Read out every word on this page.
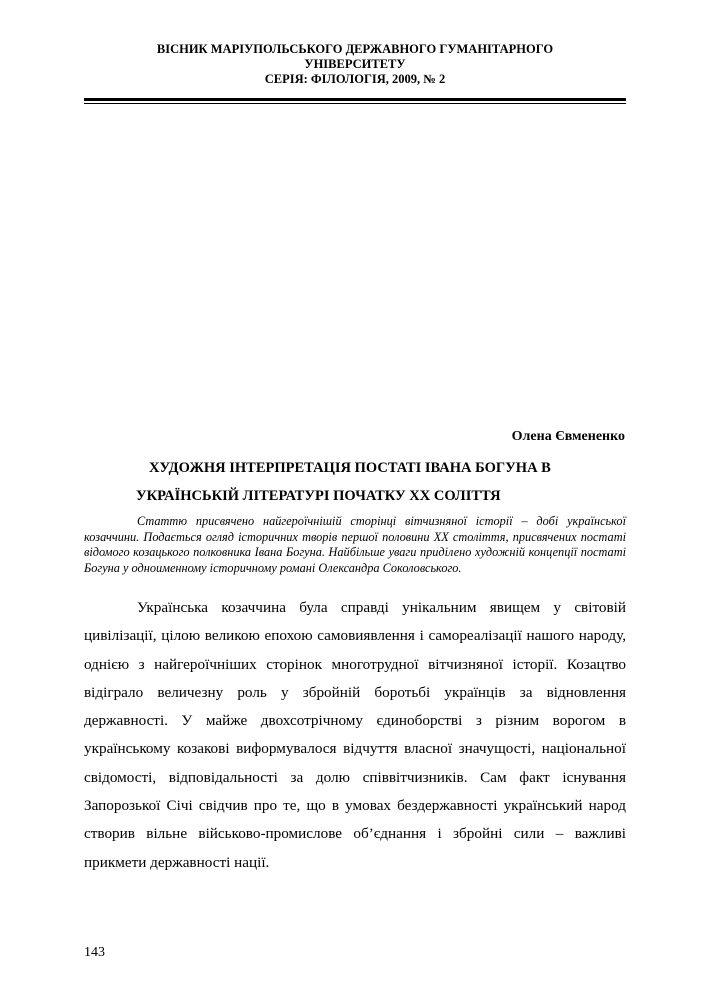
ВІСНИК МАРІУПОЛЬСЬКОГО ДЕРЖАВНОГО ГУМАНІТАРНОГО
УНІВЕРСИТЕТУ
СЕРІЯ: ФІЛОЛОГІЯ, 2009, № 2
Олена Євмененко
ХУДОЖНЯ ІНТЕРПРЕТАЦІЯ ПОСТАТІ ІВАНА БОГУНА В
УКРАЇНСЬКІЙ ЛІТЕРАТУРІ ПОЧАТКУ ХХ СОЛІТТЯ

Статтю присвячено найгероїчнішій сторінці вітчизняної історії – добі української козаччини. Подається огляд історичних творів першої половини ХХ століття, присвячених постаті відомого козацького полковника Івана Богуна. Найбільше уваги приділено художній концепції постаті Богуна у одноименному історичному романі Олександра Соколовського.

Українська козаччина була справді унікальним явищем у світовій цивілізації, цілою великою епохою самовиявлення і самореалізації нашого народу, однією з найгероїчніших сторінок многотрудної вітчизняної історії. Козацтво відіграло величезну роль у збройній боротьбі українців за відновлення державності. У майже двохсотрічному єдиноборстві з різним ворогом в українському козакові виформувалося відчуття власної значущості, національної свідомості, відповідальності за долю співвітчизників. Сам факт існування Запорозької Січі свідчив про те, що в умовах бездержавності український народ створив вільне військово-промислове об’єднання і збройні сили – важливі прикмети державності нації.

143
